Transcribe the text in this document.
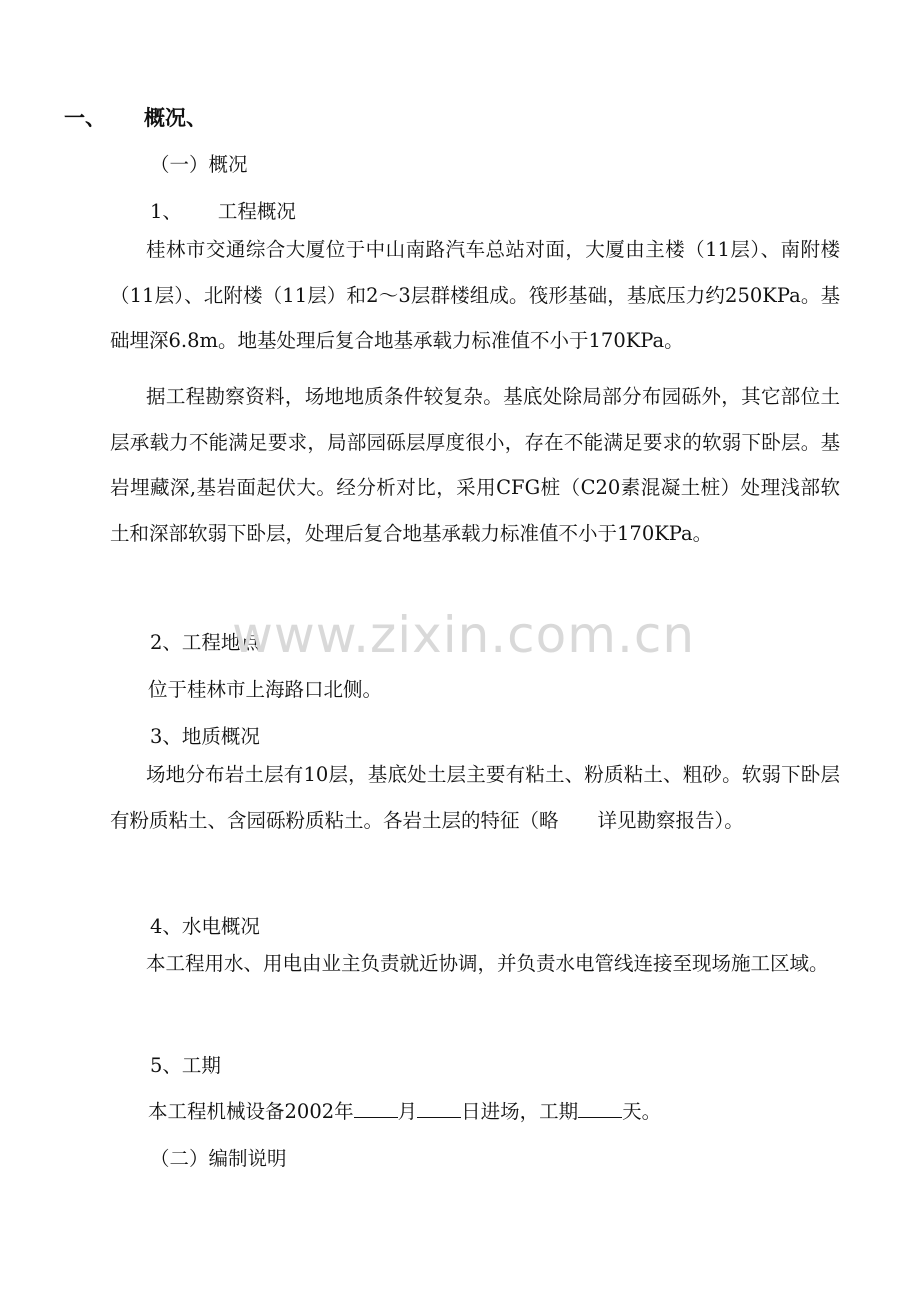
一、 概况、
（一）概况
1、 工程概况
桂林市交通综合大厦位于中山南路汽车总站对面，大厦由主楼（11层）、南附楼（11层）、北附楼（11层）和2～3层群楼组成。筏形基础，基底压力约250KPa。基础埋深6.8m。地基处理后复合地基承载力标准值不小于170KPa。
据工程勘察资料，场地地质条件较复杂。基底处除局部分布园砾外，其它部位土层承载力不能满足要求，局部园砾层厚度很小，存在不能满足要求的软弱下卧层。基岩埋藏深,基岩面起伏大。经分析对比，采用CFG桩（C20素混凝土桩）处理浅部软土和深部软弱下卧层，处理后复合地基承载力标准值不小于170KPa。
2、工程地点
位于桂林市上海路口北侧。
3、地质概况
场地分布岩土层有10层，基底处土层主要有粘土、粉质粘土、粗砂。软弱下卧层有粉质粘土、含园砾粉质粘土。各岩土层的特征（略　　详见勘察报告）。
4、水电概况
本工程用水、用电由业主负责就近协调，并负责水电管线连接至现场施工区域。
5、工期
本工程机械设备2002年 月 日进场，工期 天。
（二）编制说明
www.zixin.com.cn
